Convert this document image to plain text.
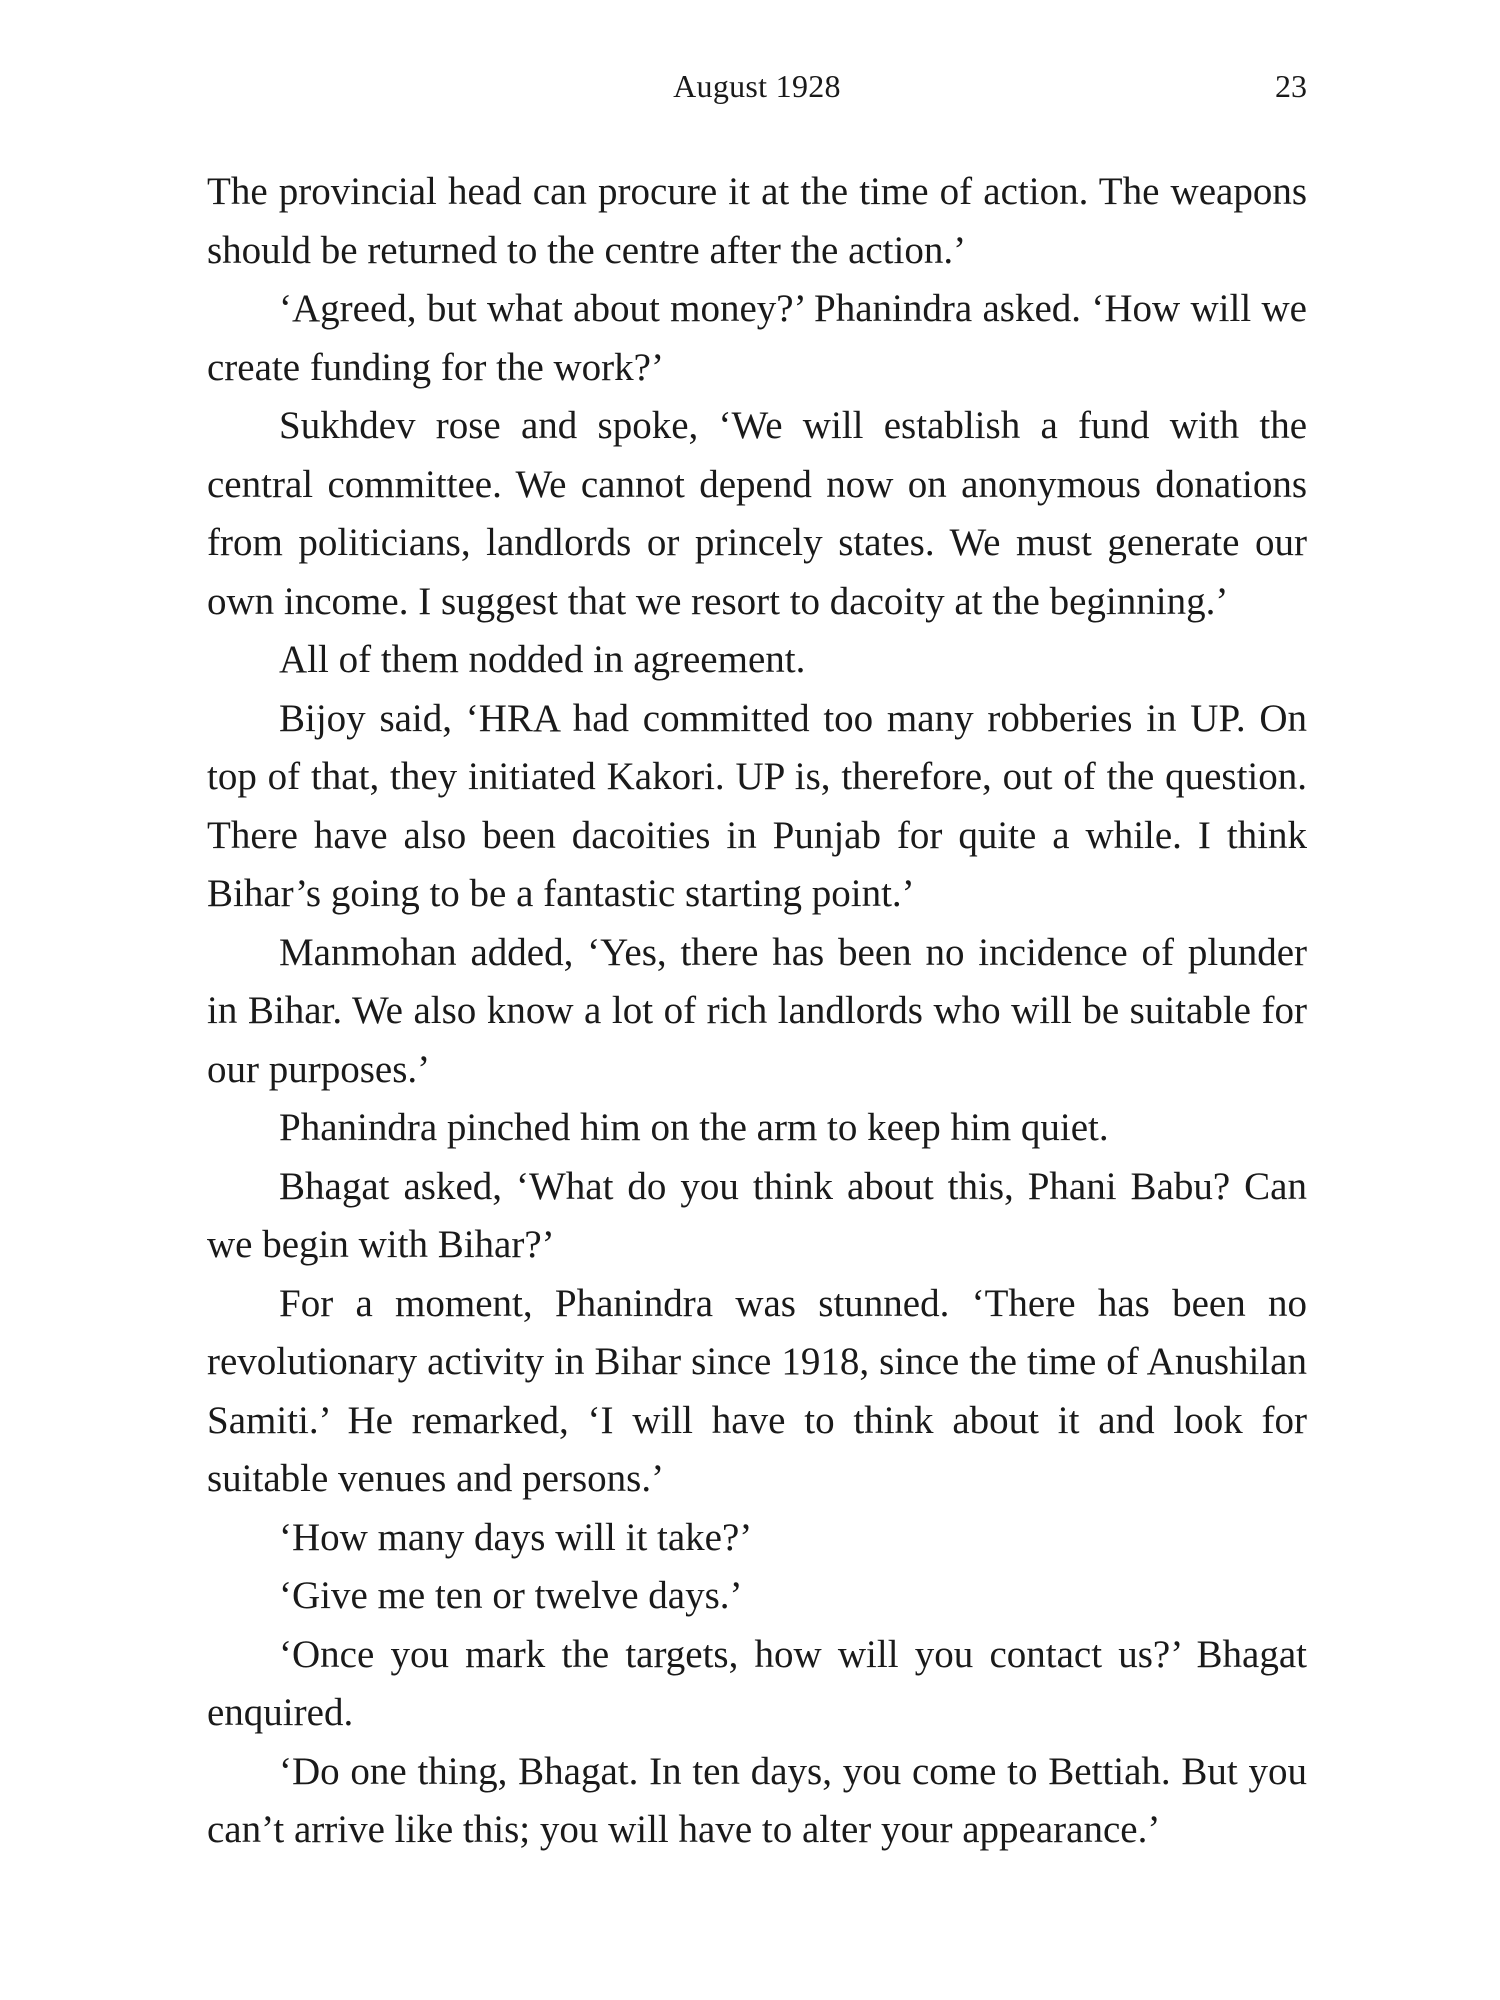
August 1928	23

The provincial head can procure it at the time of action. The weapons should be returned to the centre after the action.’

‘Agreed, but what about money?’ Phanindra asked. ‘How will we create funding for the work?’

Sukhdev rose and spoke, ‘We will establish a fund with the central committee. We cannot depend now on anonymous donations from politicians, landlords or princely states. We must generate our own income. I suggest that we resort to dacoity at the beginning.’

All of them nodded in agreement.

Bijoy said, ‘HRA had committed too many robberies in UP. On top of that, they initiated Kakori. UP is, therefore, out of the question. There have also been dacoities in Punjab for quite a while. I think Bihar’s going to be a fantastic starting point.’

Manmohan added, ‘Yes, there has been no incidence of plunder in Bihar. We also know a lot of rich landlords who will be suitable for our purposes.’

Phanindra pinched him on the arm to keep him quiet.

Bhagat asked, ‘What do you think about this, Phani Babu? Can we begin with Bihar?’

For a moment, Phanindra was stunned. ‘There has been no revolutionary activity in Bihar since 1918, since the time of Anushilan Samiti.’ He remarked, ‘I will have to think about it and look for suitable venues and persons.’

‘How many days will it take?’

‘Give me ten or twelve days.’

‘Once you mark the targets, how will you contact us?’ Bhagat enquired.

‘Do one thing, Bhagat. In ten days, you come to Bettiah. But you can’t arrive like this; you will have to alter your appearance.’
